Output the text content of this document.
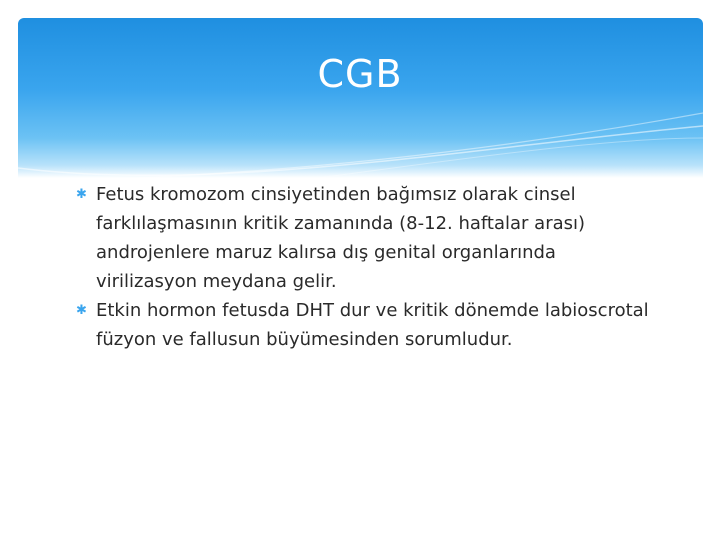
CGB

✱ Fetus kromozom cinsiyetinden bağımsız olarak cinsel farklılaşmasının kritik zamanında (8-12. haftalar arası) androjenlere maruz kalırsa dış genital organlarında virilizasyon meydana gelir.

✱ Etkin hormon fetusda DHT dur ve kritik dönemde labioscrotal füzyon ve fallusun büyümesinden sorumludur.
